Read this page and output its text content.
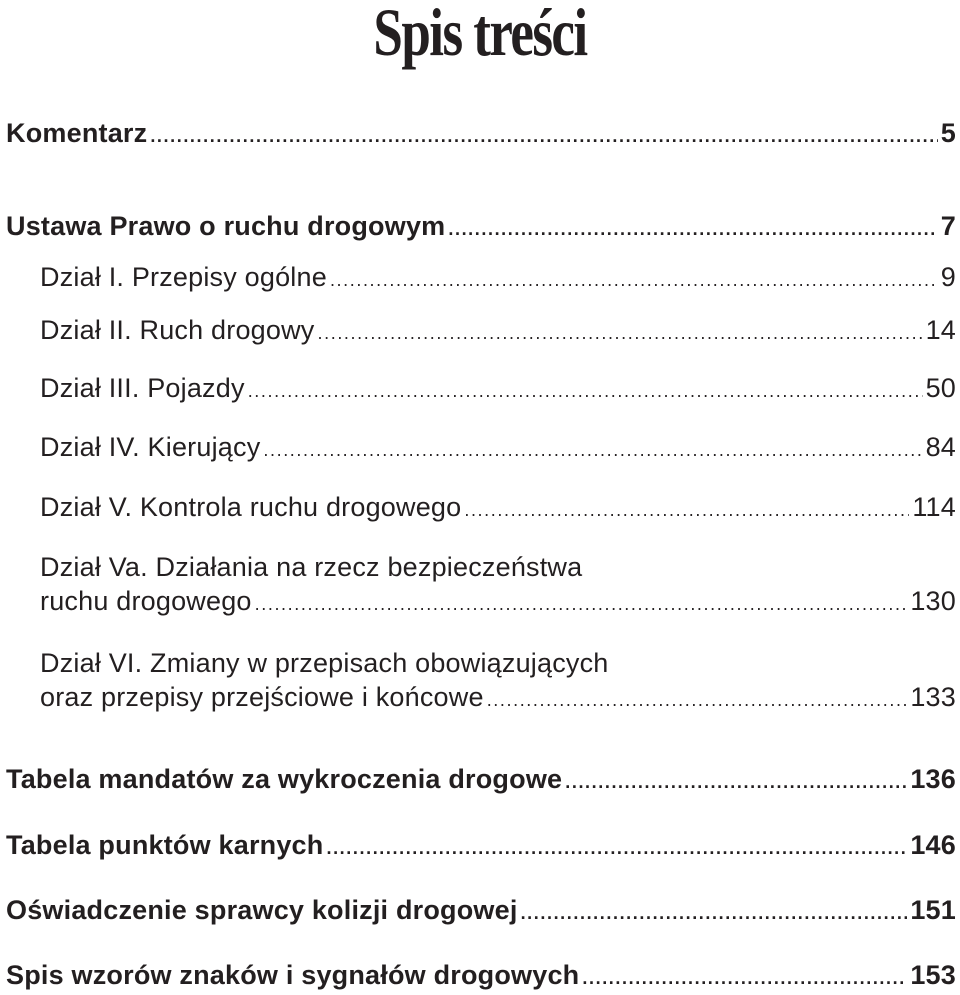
Spis treści
Komentarz .....	5
Ustawa Prawo o ruchu drogowym .....	7
Dział I. Przepisy ogólne .....	9
Dział II. Ruch drogowy .....	14
Dział III. Pojazdy .....	50
Dział IV. Kierujący .....	84
Dział V. Kontrola ruchu drogowego .....	114
Dział Va. Działania na rzecz bezpieczeństwa
ruchu drogowego .....	130
Dział VI. Zmiany w przepisach obowiązujących
oraz przepisy przejściowe i końcowe .....	133
Tabela mandatów za wykroczenia drogowe .....	136
Tabela punktów karnych .....	146
Oświadczenie sprawcy kolizji drogowej .....	151
Spis wzorów znaków i sygnałów drogowych .....	153
